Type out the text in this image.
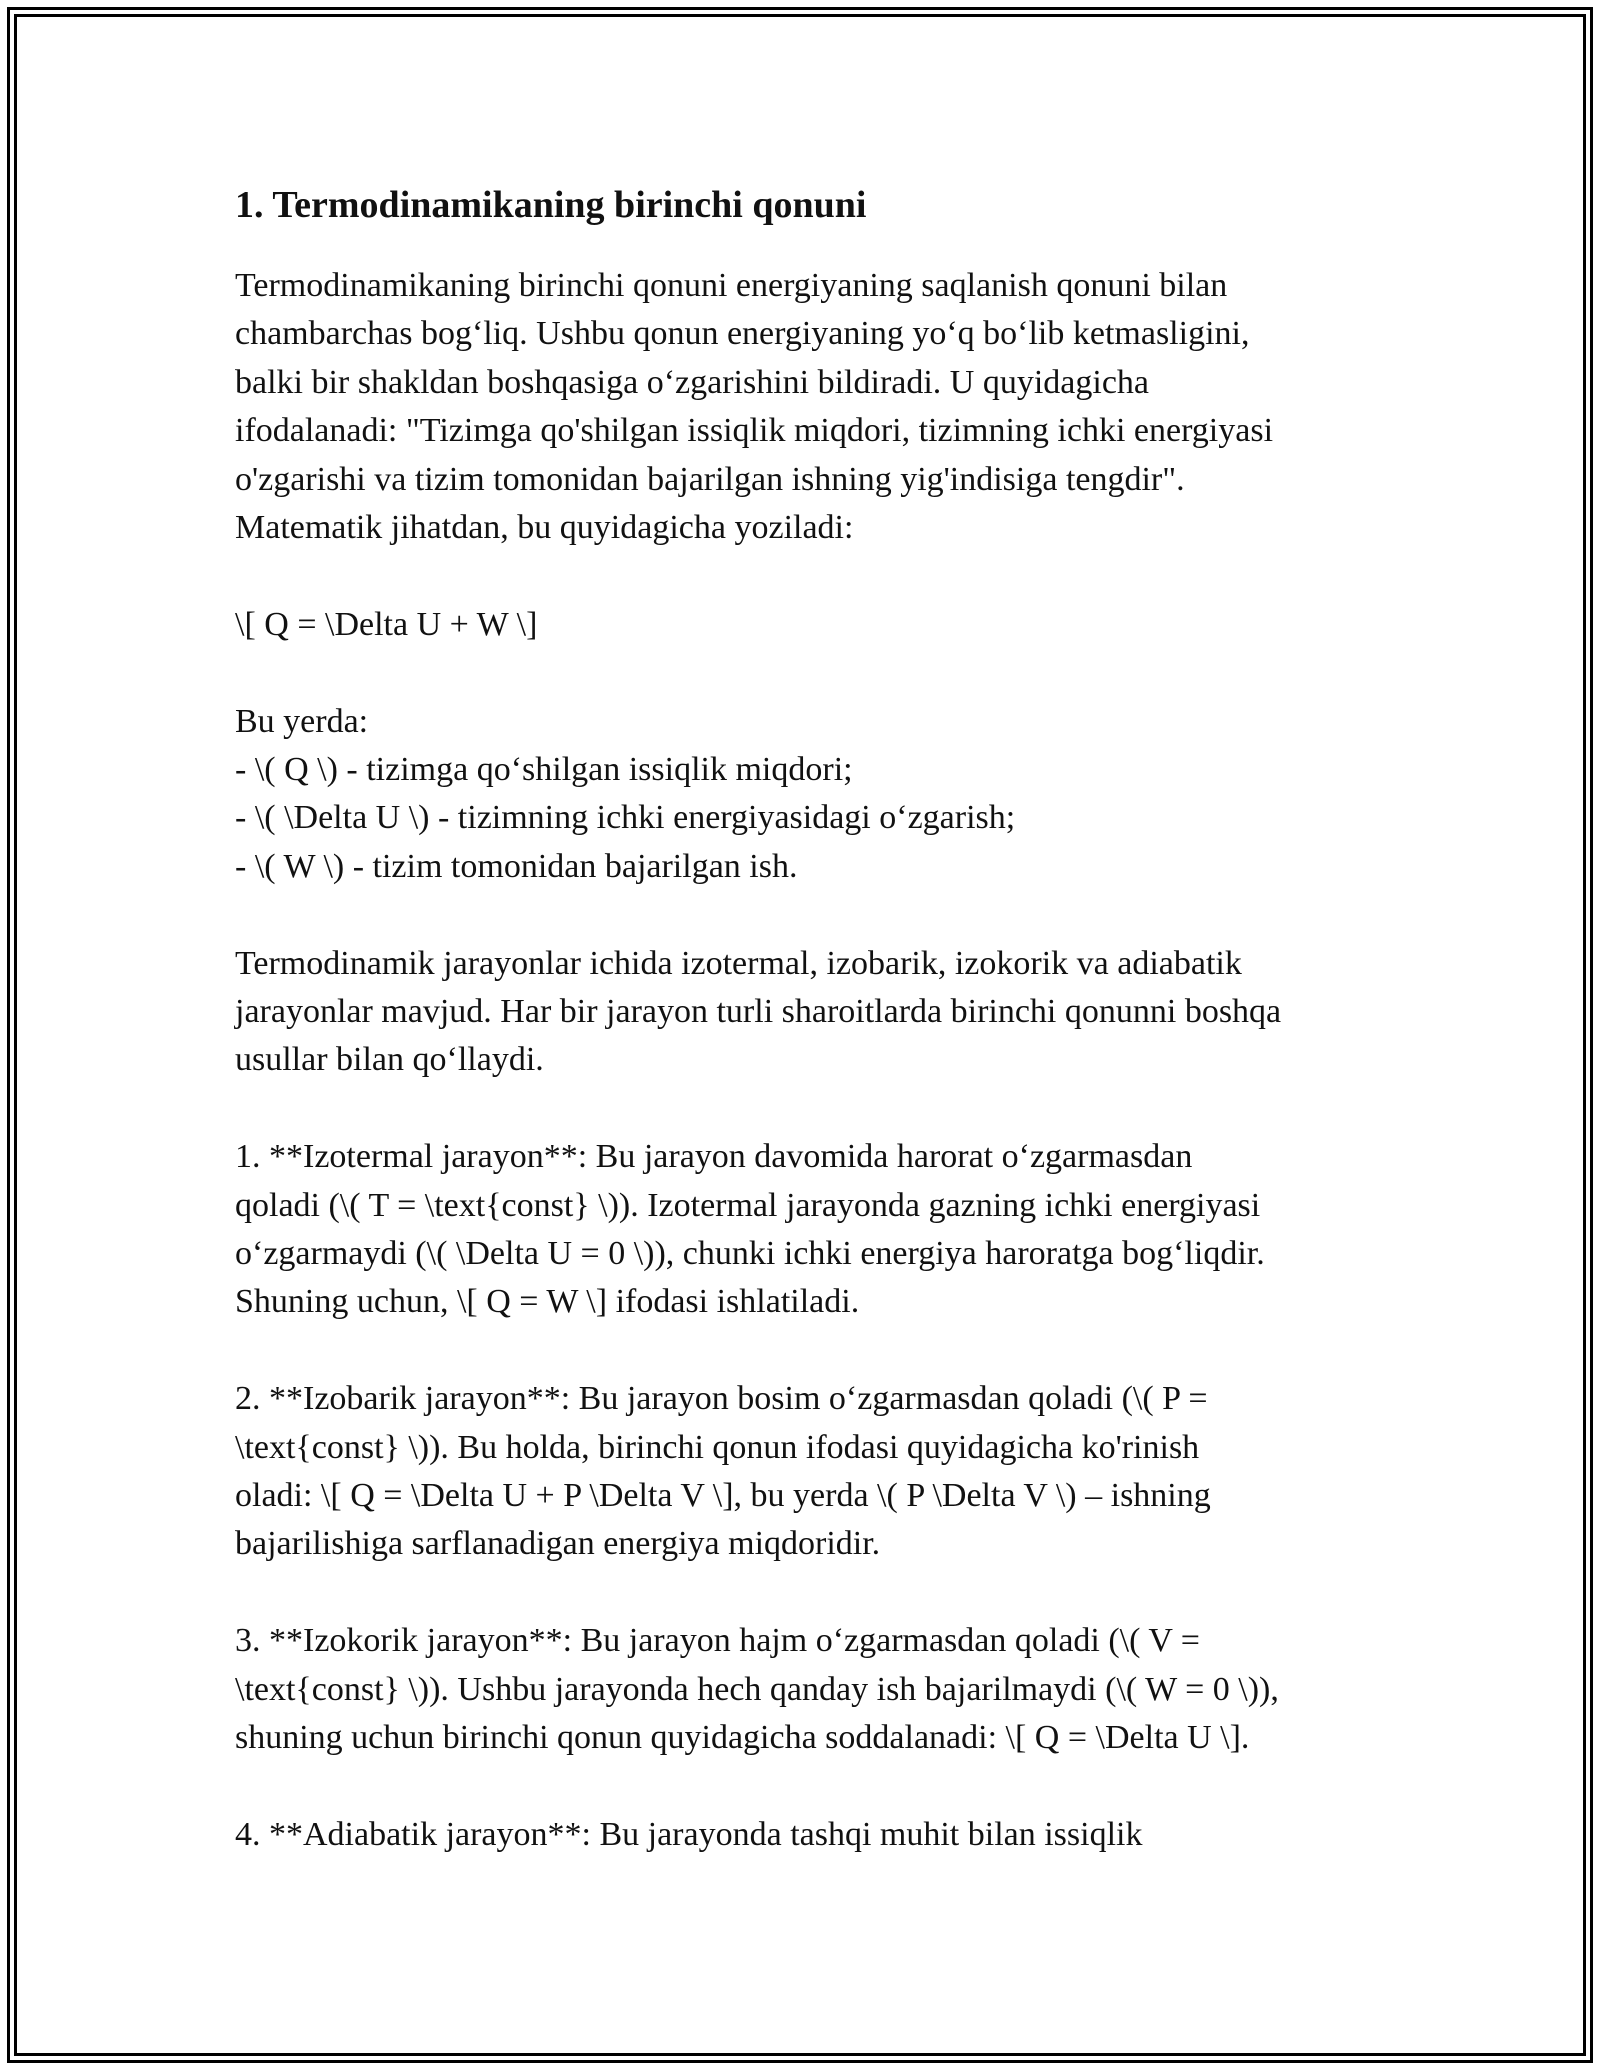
1. Termodinamikaning birinchi qonuni

Termodinamikaning birinchi qonuni energiyaning saqlanish qonuni bilan

chambarchas bog‘liq. Ushbu qonun energiyaning yo‘q bo‘lib ketmasligini,

balki bir shakldan boshqasiga o‘zgarishini bildiradi. U quyidagicha

ifodalanadi: "Tizimga qo'shilgan issiqlik miqdori, tizimning ichki energiyasi

o'zgarishi va tizim tomonidan bajarilgan ishning yig'indisiga tengdir".

Matematik jihatdan, bu quyidagicha yoziladi:

\[ Q = \Delta U + W \]

Bu yerda:

- \( Q \) - tizimga qo‘shilgan issiqlik miqdori;

- \( \Delta U \) - tizimning ichki energiyasidagi o‘zgarish;

- \( W \) - tizim tomonidan bajarilgan ish.

Termodinamik jarayonlar ichida izotermal, izobarik, izokorik va adiabatik

jarayonlar mavjud. Har bir jarayon turli sharoitlarda birinchi qonunni boshqa

usullar bilan qo‘llaydi.

1. **Izotermal jarayon**: Bu jarayon davomida harorat o‘zgarmasdan

qoladi (\( T = \text{const} \)). Izotermal jarayonda gazning ichki energiyasi

o‘zgarmaydi (\( \Delta U = 0 \)), chunki ichki energiya haroratga bog‘liqdir.

Shuning uchun, \[ Q = W \] ifodasi ishlatiladi.

2. **Izobarik jarayon**: Bu jarayon bosim o‘zgarmasdan qoladi (\( P =

\text{const} \)). Bu holda, birinchi qonun ifodasi quyidagicha ko'rinish

oladi: \[ Q = \Delta U + P \Delta V \], bu yerda \( P \Delta V \) – ishning

bajarilishiga sarflanadigan energiya miqdoridir.

3. **Izokorik jarayon**: Bu jarayon hajm o‘zgarmasdan qoladi (\( V =

\text{const} \)). Ushbu jarayonda hech qanday ish bajarilmaydi (\( W = 0 \)),

shuning uchun birinchi qonun quyidagicha soddalanadi: \[ Q = \Delta U \].

4. **Adiabatik jarayon**: Bu jarayonda tashqi muhit bilan issiqlik
